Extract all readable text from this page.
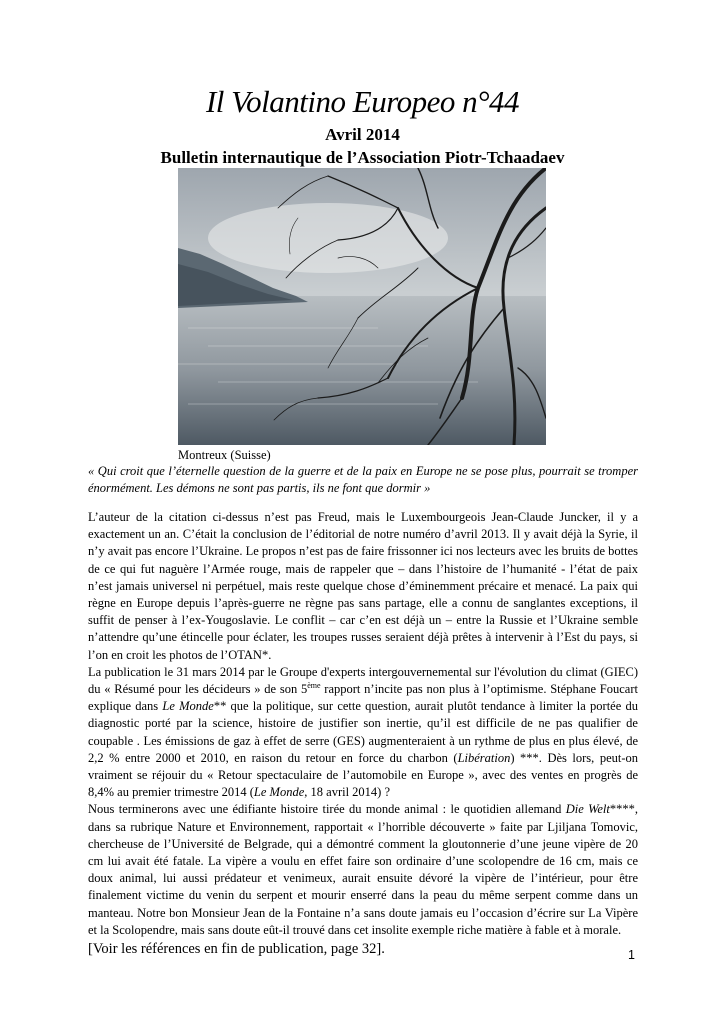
Il Volantino Europeo n°44
Avril 2014
Bulletin internautique de l’Association Piotr-Tchaadaev
Montreux (Suisse)
« Qui croit que l’éternelle question de la guerre et de la paix en Europe ne se pose plus, pourrait se tromper énormément. Les démons ne sont pas partis, ils ne font que dormir »

L’auteur de la citation ci-dessus n’est pas Freud, mais le Luxembourgeois Jean-Claude Juncker, il y a exactement un an. C’était la conclusion de l’éditorial de notre numéro d’avril 2013. Il y avait déjà la Syrie, il n’y avait pas encore l’Ukraine. Le propos n’est pas de faire frissonner ici nos lecteurs avec les bruits de bottes de ce qui fut naguère l’Armée rouge, mais de rappeler que – dans l’histoire de l’humanité - l’état de paix n’est jamais universel ni perpétuel, mais reste quelque chose d’éminemment précaire et menacé. La paix qui règne en Europe depuis l’après-guerre ne règne pas sans partage, elle a connu de sanglantes exceptions, il suffit de penser à l’ex-Yougoslavie. Le conflit – car c’en est déjà un – entre la Russie et l’Ukraine semble n’attendre qu’une étincelle pour éclater, les troupes russes seraient déjà prêtes à intervenir à l’Est du pays, si l’on en croit les photos de l’OTAN*.

La publication le 31 mars 2014 par le Groupe d'experts intergouvernemental sur l'évolution du climat (GIEC) du « Résumé pour les décideurs » de son 5ème rapport n’incite pas non plus à l’optimisme. Stéphane Foucart explique dans Le Monde** que la politique, sur cette question, aurait plutôt tendance à limiter la portée du diagnostic porté par la science, histoire de justifier son inertie, qu’il est difficile de ne pas qualifier de coupable . Les émissions de gaz à effet de serre (GES) augmenteraient à un rythme de plus en plus élevé, de 2,2 % entre 2000 et 2010, en raison du retour en force du charbon (Libération) ***. Dès lors, peut-on vraiment se réjouir du « Retour spectaculaire de l’automobile en Europe », avec des ventes en progrès de 8,4% au premier trimestre 2014 (Le Monde, 18 avril 2014) ?

Nous terminerons avec une édifiante histoire tirée du monde animal : le quotidien allemand Die Welt****, dans sa rubrique Nature et Environnement, rapportait « l’horrible découverte » faite par Ljiljana Tomovic, chercheuse de l’Université de Belgrade, qui a démontré comment la gloutonnerie d’une jeune vipère de 20 cm lui avait été fatale. La vipère a voulu en effet faire son ordinaire d’une scolopendre de 16 cm, mais ce doux animal, lui aussi prédateur et venimeux, aurait ensuite dévoré la vipère de l’intérieur, pour être finalement victime du venin du serpent et mourir enserré dans la peau du même serpent comme dans un manteau. Notre bon Monsieur Jean de la Fontaine n’a sans doute jamais eu l’occasion d’écrire sur La Vipère et la Scolopendre, mais sans doute eût-il trouvé dans cet insolite exemple riche matière à fable et à morale.

[Voir les références en fin de publication, page 32].	1
